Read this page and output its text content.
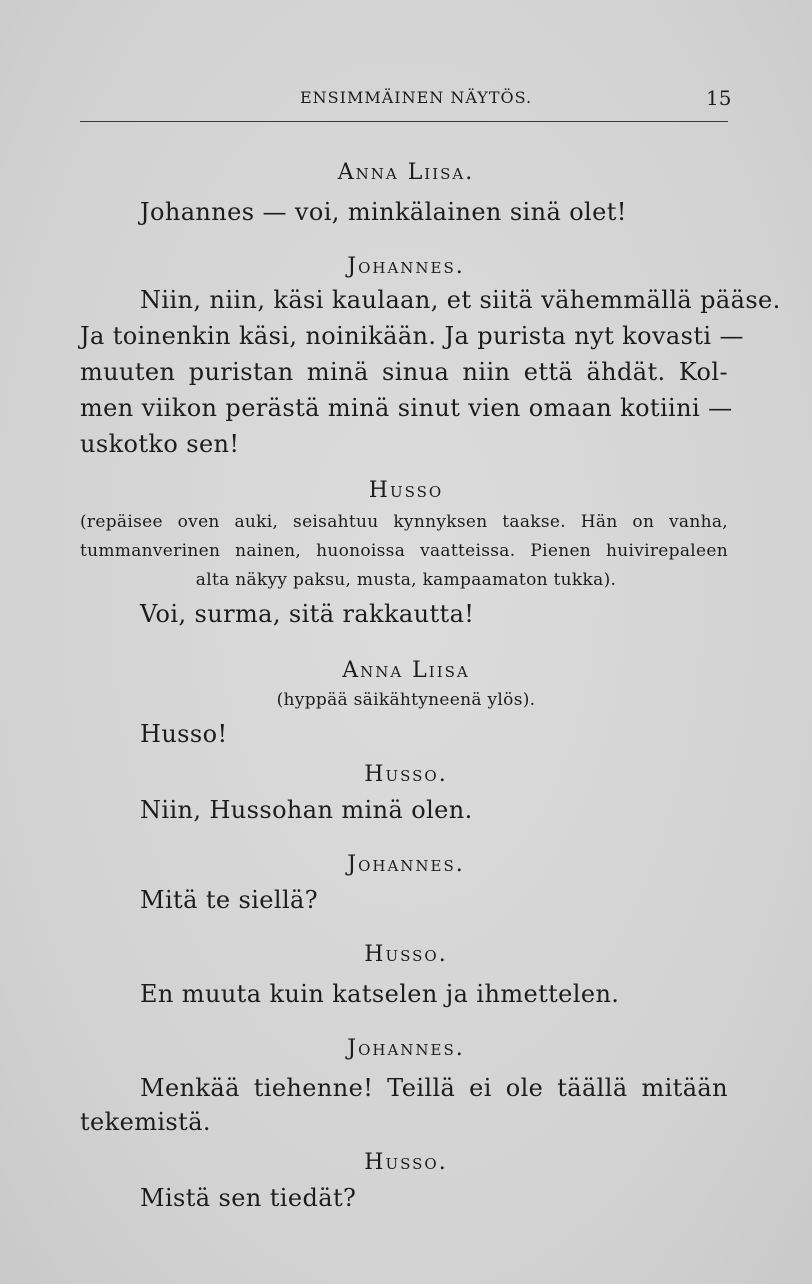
ENSIMMÄINEN NÄYTÖS.	15
Anna Liisa.
Johannes — voi, minkälainen sinä olet!
Johannes.
Niin, niin, käsi kaulaan, et siitä vähemmällä pääse.
Ja toinenkin käsi, noinikään. Ja purista nyt kovasti —
muuten puristan minä sinua niin että ähdät. Kol-
men viikon perästä minä sinut vien omaan kotiini —
uskotko sen!
Husso
(repäisee oven auki, seisahtuu kynnyksen taakse. Hän on vanha,
tummanverinen nainen, huonoissa vaatteissa. Pienen huivirepaleen
alta näkyy paksu, musta, kampaamaton tukka).
Voi, surma, sitä rakkautta!
Anna Liisa
(hyppää säikähtyneenä ylös).
Husso!
Husso.
Niin, Hussohan minä olen.
Johannes.
Mitä te siellä?
Husso.
En muuta kuin katselen ja ihmettelen.
Johannes.
Menkää tiehenne! Teillä ei ole täällä mitään
tekemistä.
Husso.
Mistä sen tiedät?
